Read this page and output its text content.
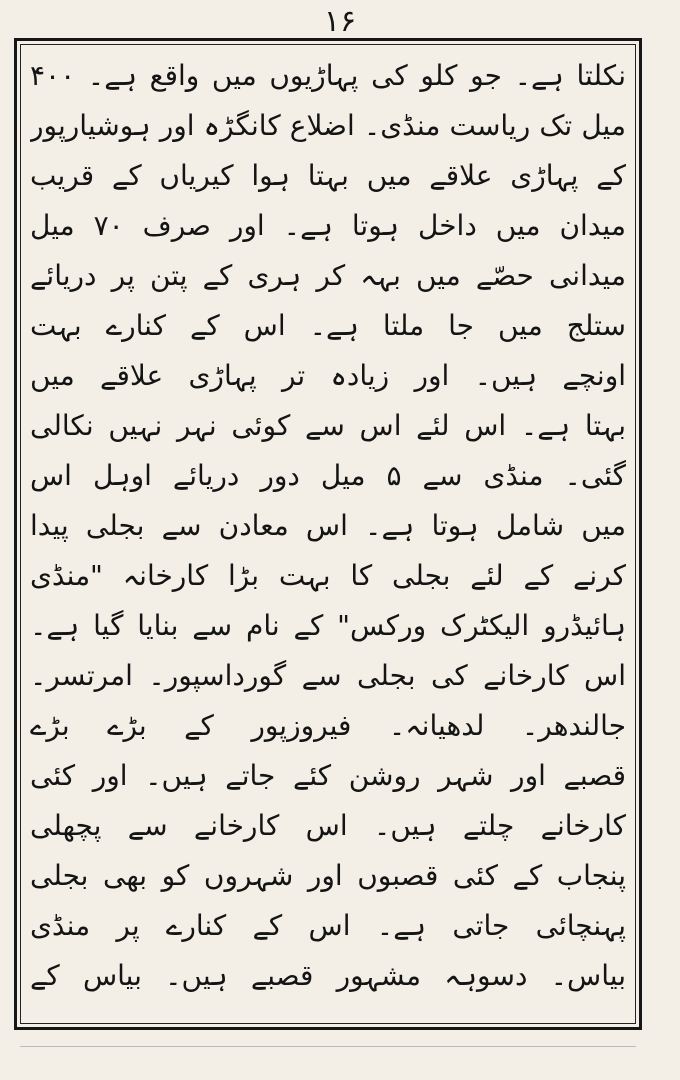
۱۶
نکلتا ہے۔ جو کلو کی پہاڑیوں میں واقع ہے۔ ۴۰۰
میل تک ریاست منڈی۔ اضلاع کانگڑہ اور ہوشیارپور
کے پہاڑی علاقے میں بہتا ہوا کیریاں کے قریب
میدان میں داخل ہوتا ہے۔ اور صرف ۷۰ میل
میدانی حصّے میں بہہ کر ہری کے پتن پر دریائے
ستلج میں جا ملتا ہے۔ اس کے کنارے بہت
اونچے ہیں۔ اور زیادہ تر پہاڑی علاقے میں
بہتا ہے۔ اس لئے اس سے کوئی نہر نہیں نکالی
گئی۔ منڈی سے ۵ میل دور دریائے اوہل اس
میں شامل ہوتا ہے۔ اس معادن سے بجلی پیدا
کرنے کے لئے بجلی کا بہت بڑا کارخانہ "منڈی
ہائیڈرو الیکٹرک ورکس" کے نام سے بنایا گیا ہے۔
اس کارخانے کی بجلی سے گورداسپور۔ امرتسر۔
جالندھر۔ لدھیانہ۔ فیروزپور کے بڑے بڑے
قصبے اور شہر روشن کئے جاتے ہیں۔ اور کئی
کارخانے چلتے ہیں۔ اس کارخانے سے پچھلی
پنجاب کے کئی قصبوں اور شہروں کو بھی بجلی
پہنچائی جاتی ہے۔ اس کے کنارے پر منڈی
بیاس۔ دسوہہ مشہور قصبے ہیں۔ بیاس کے
